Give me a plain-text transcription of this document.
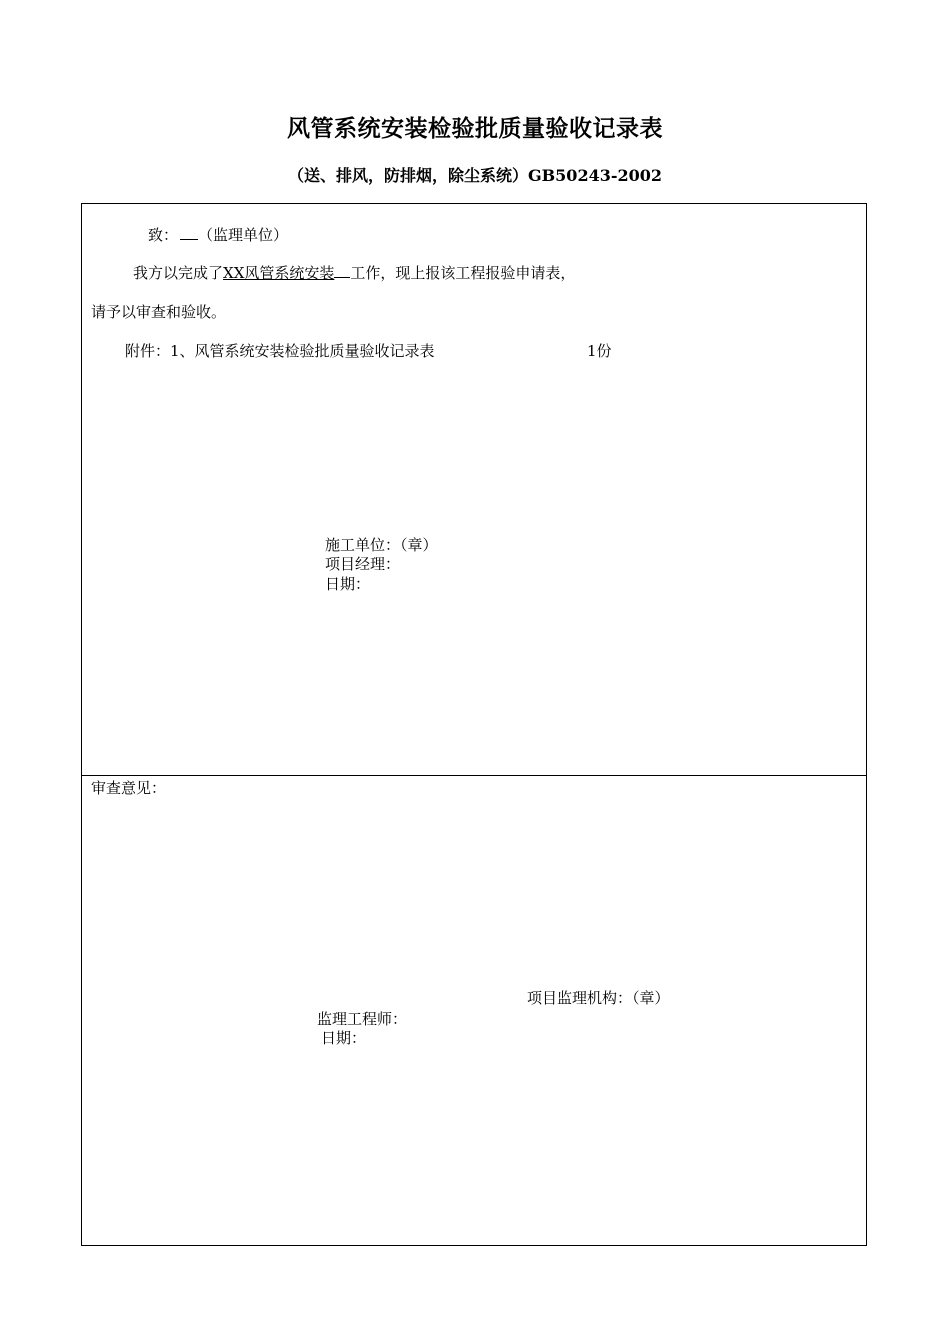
风管系统安装检验批质量验收记录表
（送、排风，防排烟，除尘系统）GB50243-2002
致： （监理单位）
我方以完成了XX风管系统安装 工作，现上报该工程报验申请表，
请予以审查和验收。
附件：1、风管系统安装检验批质量验收记录表	1份
施工单位：（章）
项目经理：
日期：
审查意见：
项目监理机构：（章）
监理工程师：
日期：
